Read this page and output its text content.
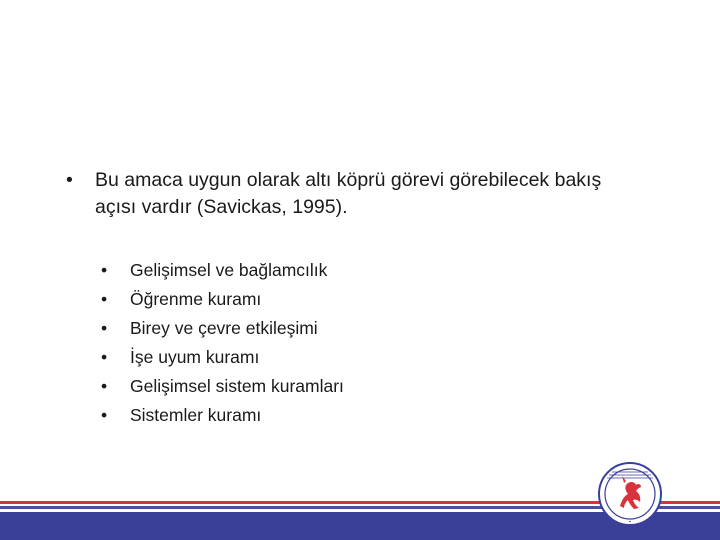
• Bu amaca uygun olarak altı köprü görevi görebilecek bakış
açısı vardır (Savickas, 1995).
• Gelişimsel ve bağlamcılık
• Öğrenme kuramı
• Birey ve çevre etkileşimi
• İşe uyum kuramı
• Gelişimsel sistem kuramları
• Sistemler kuramı
